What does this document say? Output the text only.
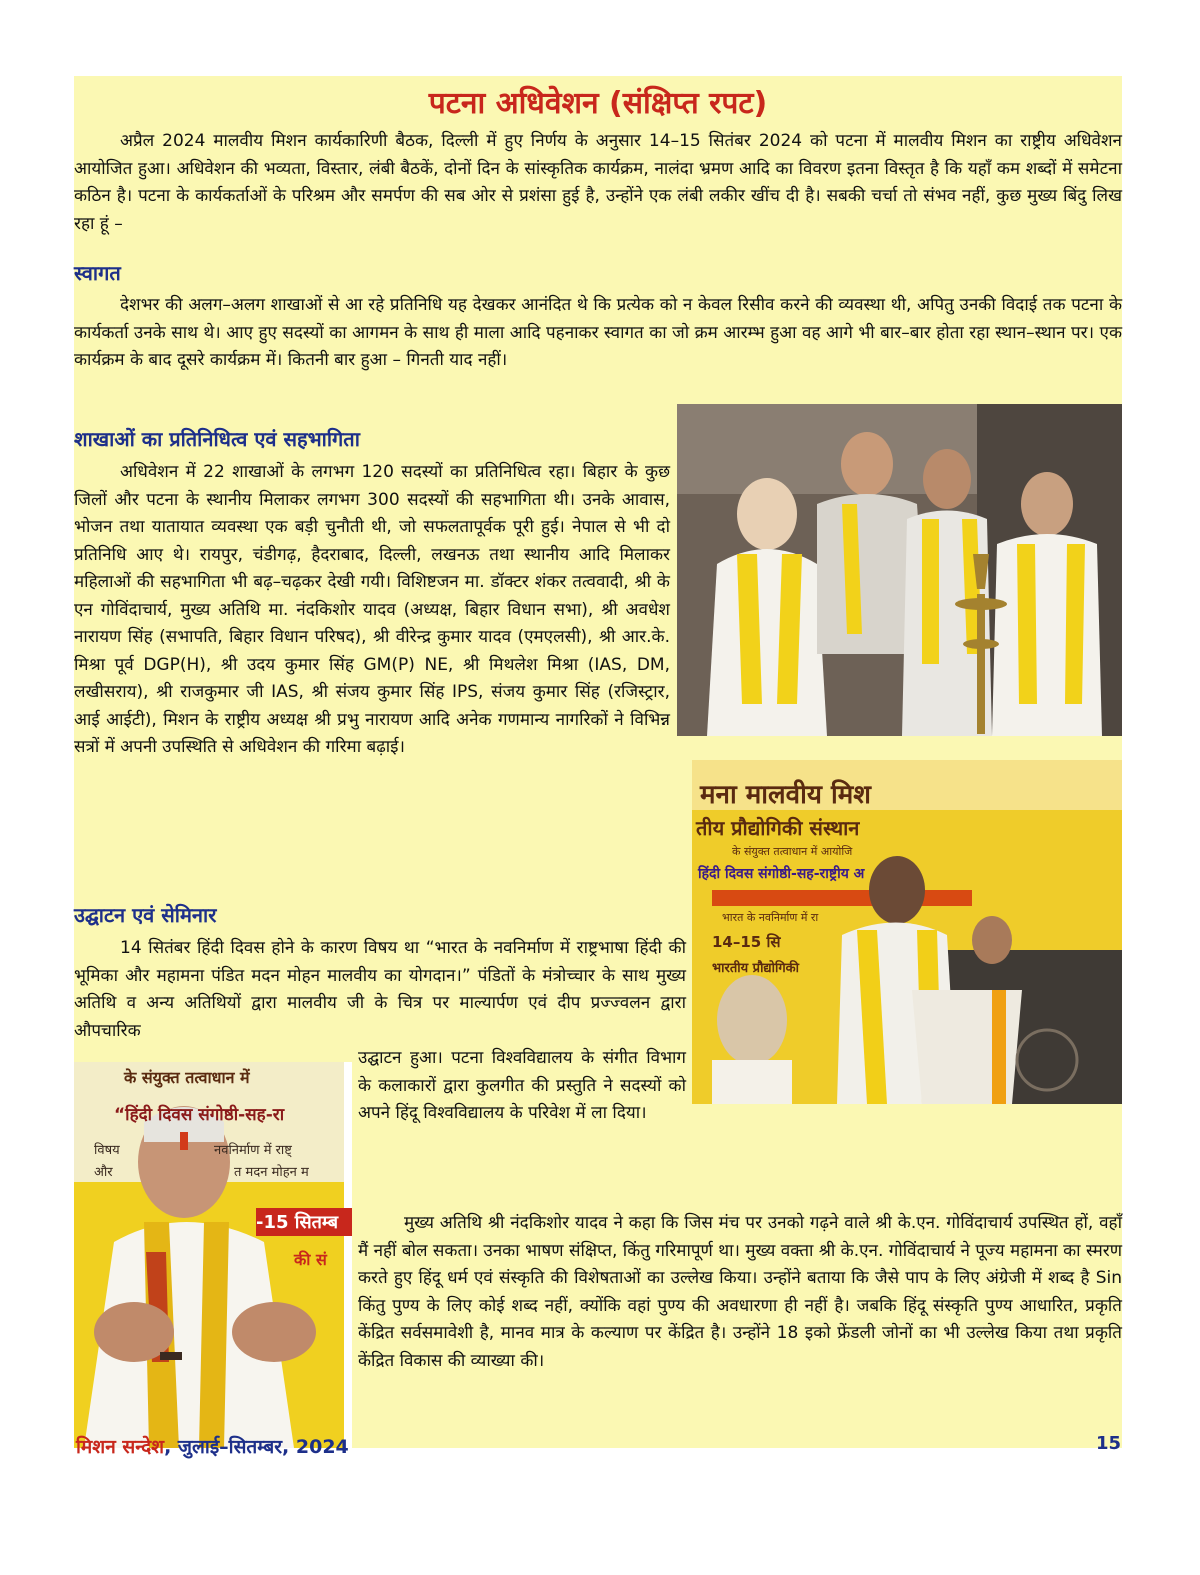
पटना अधिवेशन (संक्षिप्त रपट)

अप्रैल 2024 मालवीय मिशन कार्यकारिणी बैठक, दिल्ली में हुए निर्णय के अनुसार 14–15 सितंबर 2024 को पटना में मालवीय मिशन का राष्ट्रीय अधिवेशन आयोजित हुआ। अधिवेशन की भव्यता, विस्तार, लंबी बैठकें, दोनों दिन के सांस्कृतिक कार्यक्रम, नालंदा भ्रमण आदि का विवरण इतना विस्तृत है कि यहाँ कम शब्दों में समेटना कठिन है। पटना के कार्यकर्ताओं के परिश्रम और समर्पण की सब ओर से प्रशंसा हुई है, उन्होंने एक लंबी लकीर खींच दी है। सबकी चर्चा तो संभव नहीं, कुछ मुख्य बिंदु लिख रहा हूं –

स्वागत

देशभर की अलग–अलग शाखाओं से आ रहे प्रतिनिधि यह देखकर आनंदित थे कि प्रत्येक को न केवल रिसीव करने की व्यवस्था थी, अपितु उनकी विदाई तक पटना के कार्यकर्ता उनके साथ थे। आए हुए सदस्यों का आगमन के साथ ही माला आदि पहनाकर स्वागत का जो क्रम आरम्भ हुआ वह आगे भी बार–बार होता रहा स्थान–स्थान पर। एक कार्यक्रम के बाद दूसरे कार्यक्रम में। कितनी बार हुआ – गिनती याद नहीं।

शाखाओं का प्रतिनिधित्व एवं सहभागिता

अधिवेशन में 22 शाखाओं के लगभग 120 सदस्यों का प्रतिनिधित्व रहा। बिहार के कुछ जिलों और पटना के स्थानीय मिलाकर लगभग 300 सदस्यों की सहभागिता थी। उनके आवास, भोजन तथा यातायात व्यवस्था एक बड़ी चुनौती थी, जो सफलतापूर्वक पूरी हुई। नेपाल से भी दो प्रतिनिधि आए थे। रायपुर, चंडीगढ़, हैदराबाद, दिल्ली, लखनऊ तथा स्थानीय आदि मिलाकर महिलाओं की सहभागिता भी बढ़–चढ़कर देखी गयी। विशिष्टजन मा. डॉक्टर शंकर तत्ववादी, श्री के एन गोविंदाचार्य, मुख्य अतिथि मा. नंदकिशोर यादव (अध्यक्ष, बिहार विधान सभा), श्री अवधेश नारायण सिंह (सभापति, बिहार विधान परिषद), श्री वीरेन्द्र कुमार यादव (एमएलसी), श्री आर.के. मिश्रा पूर्व DGP(H), श्री उदय कुमार सिंह GM(P) NE, श्री मिथलेश मिश्रा (IAS, DM, लखीसराय), श्री राजकुमार जी IAS, श्री संजय कुमार सिंह IPS, संजय कुमार सिंह (रजिस्ट्रार, आई आईटी), मिशन के राष्ट्रीय अध्यक्ष श्री प्रभु नारायण आदि अनेक गणमान्य नागरिकों ने विभिन्न सत्रों में अपनी उपस्थिति से अधिवेशन की गरिमा बढ़ाई।

उद्घाटन एवं सेमिनार

14 सितंबर हिंदी दिवस होने के कारण विषय था “भारत के नवनिर्माण में राष्ट्रभाषा हिंदी की भूमिका और महामना पंडित मदन मोहन मालवीय का योगदान।” पंडितों के मंत्रोच्चार के साथ मुख्य अतिथि व अन्य अतिथियों द्वारा मालवीय जी के चित्र पर माल्यार्पण एवं दीप प्रज्ज्वलन द्वारा औपचारिक

उद्घाटन हुआ। पटना विश्वविद्यालय के संगीत विभाग के कलाकारों द्वारा कुलगीत की प्रस्तुति ने सदस्यों को अपने हिंदू विश्वविद्यालय के परिवेश में ला दिया।

मुख्य अतिथि श्री नंदकिशोर यादव ने कहा कि जिस मंच पर उनको गढ़ने वाले श्री के.एन. गोविंदाचार्य उपस्थित हों, वहाँ मैं नहीं बोल सकता। उनका भाषण संक्षिप्त, किंतु गरिमापूर्ण था। मुख्य वक्ता श्री के.एन. गोविंदाचार्य ने पूज्य महामना का स्मरण करते हुए हिंदू धर्म एवं संस्कृति की विशेषताओं का उल्लेख किया। उन्होंने बताया कि जैसे पाप के लिए अंग्रेजी में शब्द है Sin किंतु पुण्य के लिए कोई शब्द नहीं, क्योंकि वहां पुण्य की अवधारणा ही नहीं है। जबकि हिंदू संस्कृति पुण्य आधारित, प्रकृति केंद्रित सर्वसमावेशी है, मानव मात्र के कल्याण पर केंद्रित है। उन्होंने 18 इको फ्रेंडली जोनों का भी उल्लेख किया तथा प्रकृति केंद्रित विकास की व्याख्या की।

मना मालवीय मिश
तीय प्रौद्योगिकी संस्थान
के संयुक्त तत्वाधान में आयोजि
हिंदी दिवस संगोष्ठी-सह-राष्ट्रीय अ
भारत के नवनिर्माण में रा
14–15 सि
भारतीय प्रौद्योगिकी
के संयुक्त तत्वाधान में
“हिंदी दिवस संगोष्ठी-सह-रा
विषय	नवनिर्माण में राष्ट्
और	त मदन मोहन म
-15 सितम्ब
की सं
मिशन सन्देश, जुलाई–सितम्बर, 2024	15
